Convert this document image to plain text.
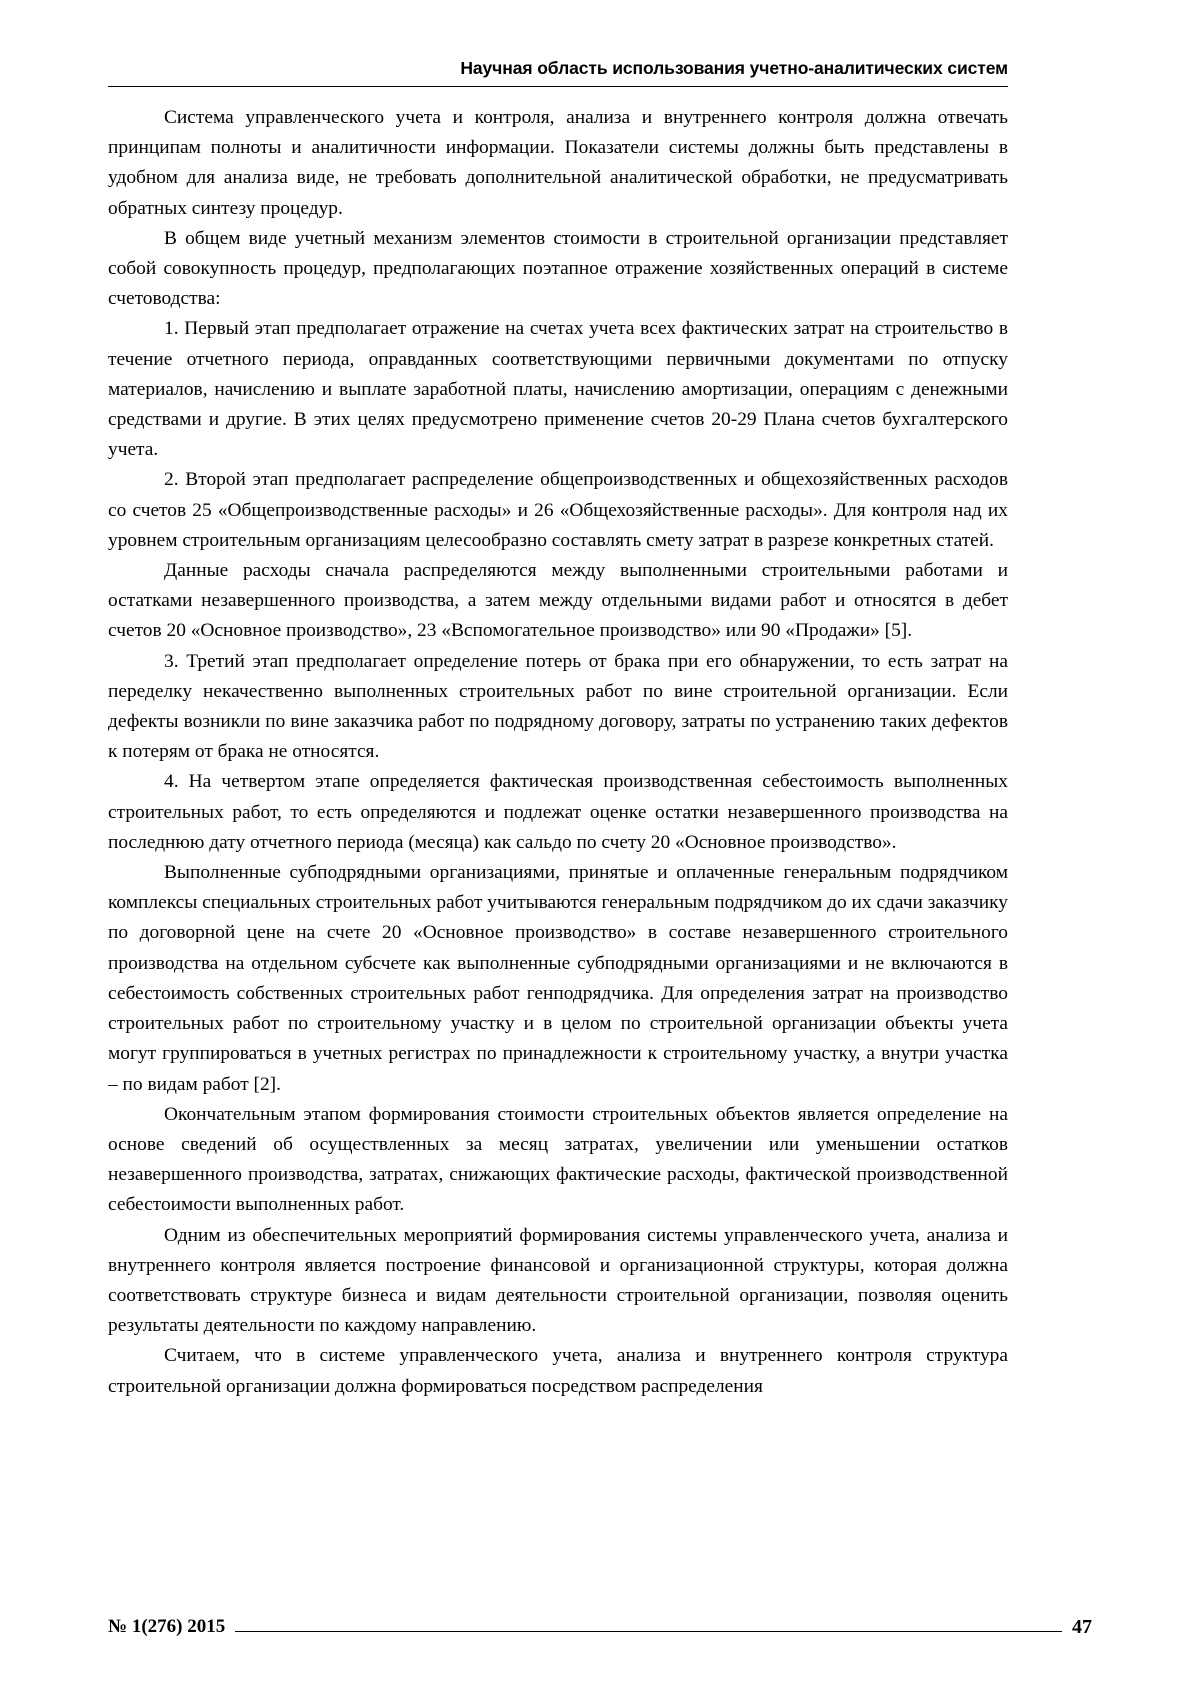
Научная область использования учетно-аналитических систем

Система управленческого учета и контроля, анализа и внутреннего контроля должна отвечать принципам полноты и аналитичности информации. Показатели системы должны быть представлены в удобном для анализа виде, не требовать дополнительной аналитической обработки, не предусматривать обратных синтезу процедур.

В общем виде учетный механизм элементов стоимости в строительной организации представляет собой совокупность процедур, предполагающих поэтапное отражение хозяйственных операций в системе счетоводства:

1. Первый этап предполагает отражение на счетах учета всех фактических затрат на строительство в течение отчетного периода, оправданных соответствующими первичными документами по отпуску материалов, начислению и выплате заработной платы, начислению амортизации, операциям с денежными средствами и другие. В этих целях предусмотрено применение счетов 20-29 Плана счетов бухгалтерского учета.

2. Второй этап предполагает распределение общепроизводственных и общехозяйственных расходов со счетов 25 «Общепроизводственные расходы» и 26 «Общехозяйственные расходы». Для контроля над их уровнем строительным организациям целесообразно составлять смету затрат в разрезе конкретных статей.

Данные расходы сначала распределяются между выполненными строительными работами и остатками незавершенного производства, а затем между отдельными видами работ и относятся в дебет счетов 20 «Основное производство», 23 «Вспомогательное производство» или 90 «Продажи» [5].

3. Третий этап предполагает определение потерь от брака при его обнаружении, то есть затрат на переделку некачественно выполненных строительных работ по вине строительной организации. Если дефекты возникли по вине заказчика работ по подрядному договору, затраты по устранению таких дефектов к потерям от брака не относятся.

4. На четвертом этапе определяется фактическая производственная себестоимость выполненных строительных работ, то есть определяются и подлежат оценке остатки незавершенного производства на последнюю дату отчетного периода (месяца) как сальдо по счету 20 «Основное производство».

Выполненные субподрядными организациями, принятые и оплаченные генеральным подрядчиком комплексы специальных строительных работ учитываются генеральным подрядчиком до их сдачи заказчику по договорной цене на счете 20 «Основное производство» в составе незавершенного строительного производства на отдельном субсчете как выполненные субподрядными организациями и не включаются в себестоимость собственных строительных работ генподрядчика. Для определения затрат на производство строительных работ по строительному участку и в целом по строительной организации объекты учета могут группироваться в учетных регистрах по принадлежности к строительному участку, а внутри участка – по видам работ [2].

Окончательным этапом формирования стоимости строительных объектов является определение на основе сведений об осуществленных за месяц затратах, увеличении или уменьшении остатков незавершенного производства, затратах, снижающих фактические расходы, фактической производственной себестоимости выполненных работ.

Одним из обеспечительных мероприятий формирования системы управленческого учета, анализа и внутреннего контроля является построение финансовой и организационной структуры, которая должна соответствовать структуре бизнеса и видам деятельности строительной организации, позволяя оценить результаты деятельности по каждому направлению.

Считаем, что в системе управленческого учета, анализа и внутреннего контроля структура строительной организации должна формироваться посредством распределения

№ 1(276) 2015	47
